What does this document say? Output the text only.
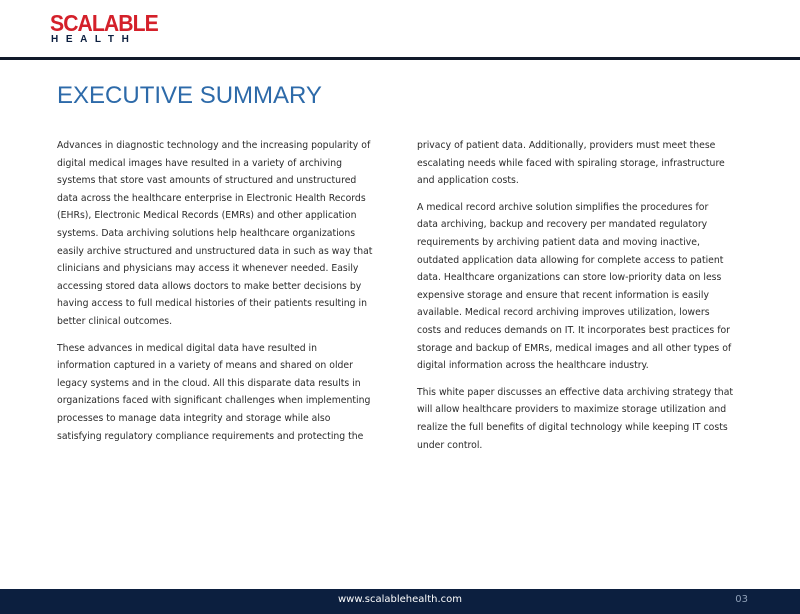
SCALABLE
HEALTH
EXECUTIVE SUMMARY

Advances in diagnostic technology and the increasing popularity of
digital medical images have resulted in a variety of archiving
systems that store vast amounts of structured and unstructured
data across the healthcare enterprise in Electronic Health Records
(EHRs), Electronic Medical Records (EMRs) and other application
systems. Data archiving solutions help healthcare organizations
easily archive structured and unstructured data in such as way that
clinicians and physicians may access it whenever needed. Easily
accessing stored data allows doctors to make better decisions by
having access to full medical histories of their patients resulting in
better clinical outcomes.

These advances in medical digital data have resulted in
information captured in a variety of means and shared on older
legacy systems and in the cloud. All this disparate data results in
organizations faced with significant challenges when implementing
processes to manage data integrity and storage while also
satisfying regulatory compliance requirements and protecting the

privacy of patient data. Additionally, providers must meet these
escalating needs while faced with spiraling storage, infrastructure
and application costs.

A medical record archive solution simplifies the procedures for
data archiving, backup and recovery per mandated regulatory
requirements by archiving patient data and moving inactive,
outdated application data allowing for complete access to patient
data. Healthcare organizations can store low-priority data on less
expensive storage and ensure that recent information is easily
available. Medical record archiving improves utilization, lowers
costs and reduces demands on IT. It incorporates best practices for
storage and backup of EMRs, medical images and all other types of
digital information across the healthcare industry.

This white paper discusses an effective data archiving strategy that
will allow healthcare providers to maximize storage utilization and
realize the full benefits of digital technology while keeping IT costs
under control.

www.scalablehealth.com	03
